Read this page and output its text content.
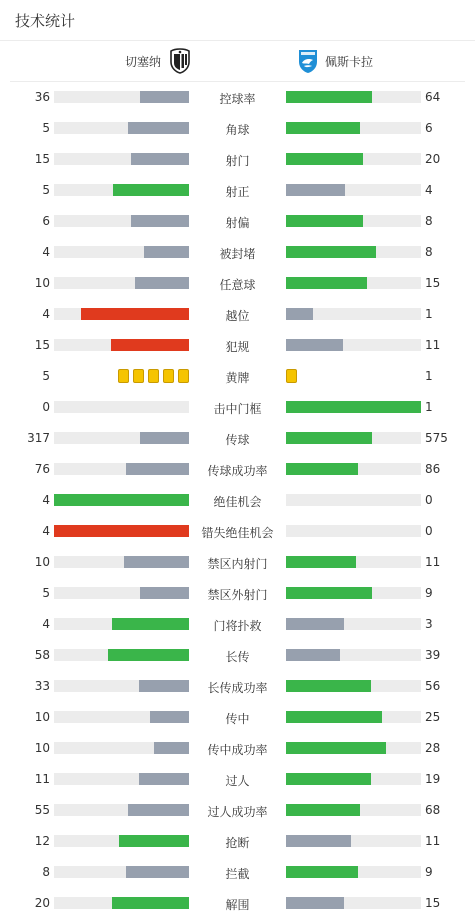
技术统计
切塞纳	佩斯卡拉
36	控球率	64
5	角球	6
15	射门	20
5	射正	4
6	射偏	8
4	被封堵	8
10	任意球	15
4	越位	1
15	犯规	11
5	黄牌	1
0	击中门框	1
317	传球	575
76	传球成功率	86
4	绝佳机会	0
4	错失绝佳机会	0
10	禁区内射门	11
5	禁区外射门	9
4	门将扑救	3
58	长传	39
33	长传成功率	56
10	传中	25
10	传中成功率	28
11	过人	19
55	过人成功率	68
12	抢断	11
8	拦截	9
20	解围	15
